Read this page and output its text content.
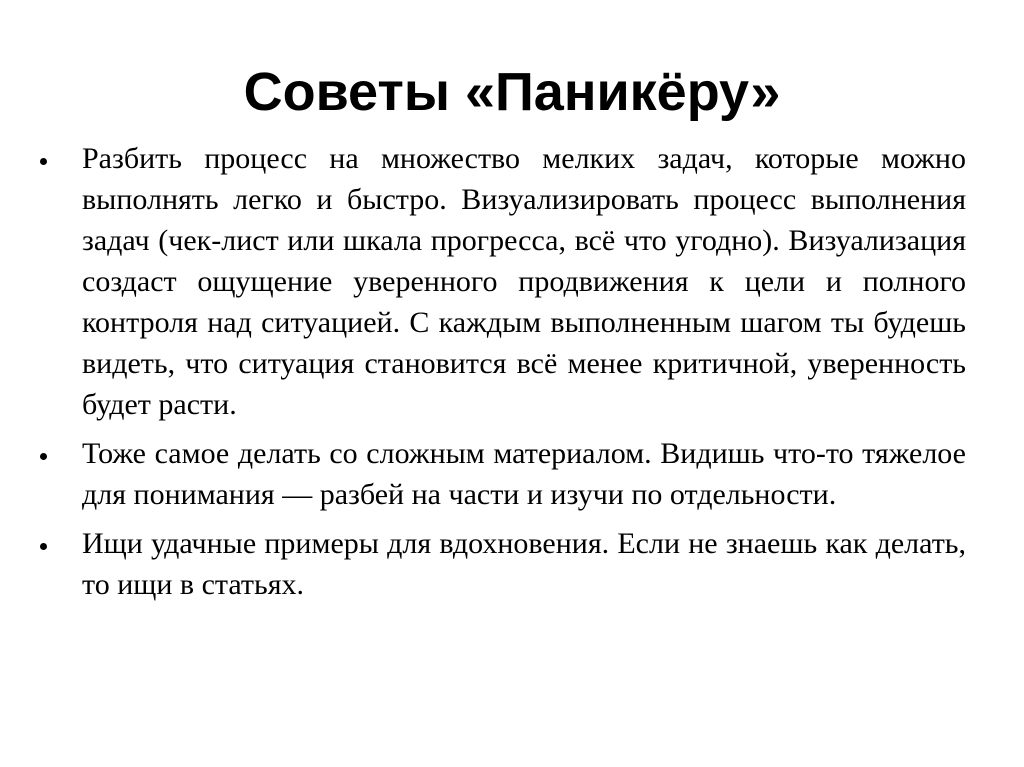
Советы «Паникёру»
Разбить процесс на множество мелких задач, которые можно выполнять легко и быстро. Визуализировать процесс выполнения задач (чек-лист или шкала прогресса, всё что угодно). Визуализация создаст ощущение уверенного продвижения к цели и полного контроля над ситуацией. С каждым выполненным шагом ты будешь видеть, что ситуация становится всё менее критичной, уверенность будет расти.
Тоже самое делать со сложным материалом. Видишь что-то тяжелое для понимания — разбей на части и изучи по отдельности.
Ищи удачные примеры для вдохновения. Если не знаешь как делать, то ищи в статьях.
